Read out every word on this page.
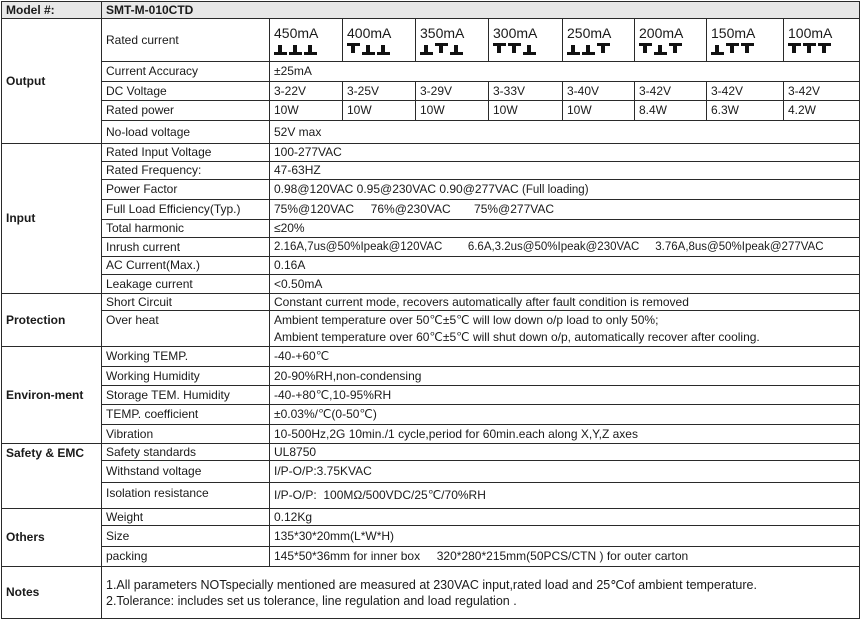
Model #:	SMT-M-010CTD								
Output	Rated current	450mA	400mA	350mA	300mA	250mA	200mA	150mA	100mA

	Current Accuracy	±25mA							
	DC Voltage	3-22V	3-25V	3-29V	3-33V	3-40V	3-42V	3-42V	3-42V
	Rated power	10W	10W	10W	10W	10W	8.4W	6.3W	4.2W
	No-load voltage	52V max							
Input	Rated Input Voltage	100-277VAC							
	Rated Frequency:	47-63HZ							
	Power Factor	0.98@120VAC 0.95@230VAC 0.90@277VAC (Full loading)							
	Full Load Efficiency(Typ.)	75%@120VAC     76%@230VAC       75%@277VAC							
	Total harmonic	≤20%							
	Inrush current	2.16A,7us@50%Ipeak@120VAC        6.6A,3.2us@50%Ipeak@230VAC     3.76A,8us@50%Ipeak@277VAC							
	AC Current(Max.)	0.16A							
	Leakage current	<0.50mA							
Protection	Short Circuit	Constant current mode, recovers automatically after fault condition is removed							
	Over heat	Ambient temperature over 50℃±5℃ will low down o/p load to only 50%;
Ambient temperature over 60℃±5℃ will shut down o/p, automatically recover after cooling.							

Environ-ment	Working TEMP.	-40-+60℃							
	Working Humidity	20-90%RH,non-condensing							
	Storage TEM. Humidity	-40-+80℃,10-95%RH							
	TEMP. coefficient	±0.03%/℃(0-50℃)							
	Vibration	10-500Hz,2G 10min./1 cycle,period for 60min.each along X,Y,Z axes							
Safety & EMC	Safety standards	UL8750							
	Withstand voltage	I/P-O/P:3.75KVAC							
	Isolation resistance	I/P-O/P:  100MΩ/500VDC/25℃/70%RH							
Others	Weight	0.12Kg							
	Size	135*30*20mm(L*W*H)							
	packing	145*50*36mm for inner box     320*280*215mm(50PCS/CTN ) for outer carton							
Notes	1.All parameters NOTspecially mentioned are measured at 230VAC input,rated load and 25℃of ambient temperature.
2.Tolerance: includes set us tolerance, line regulation and load regulation .								
